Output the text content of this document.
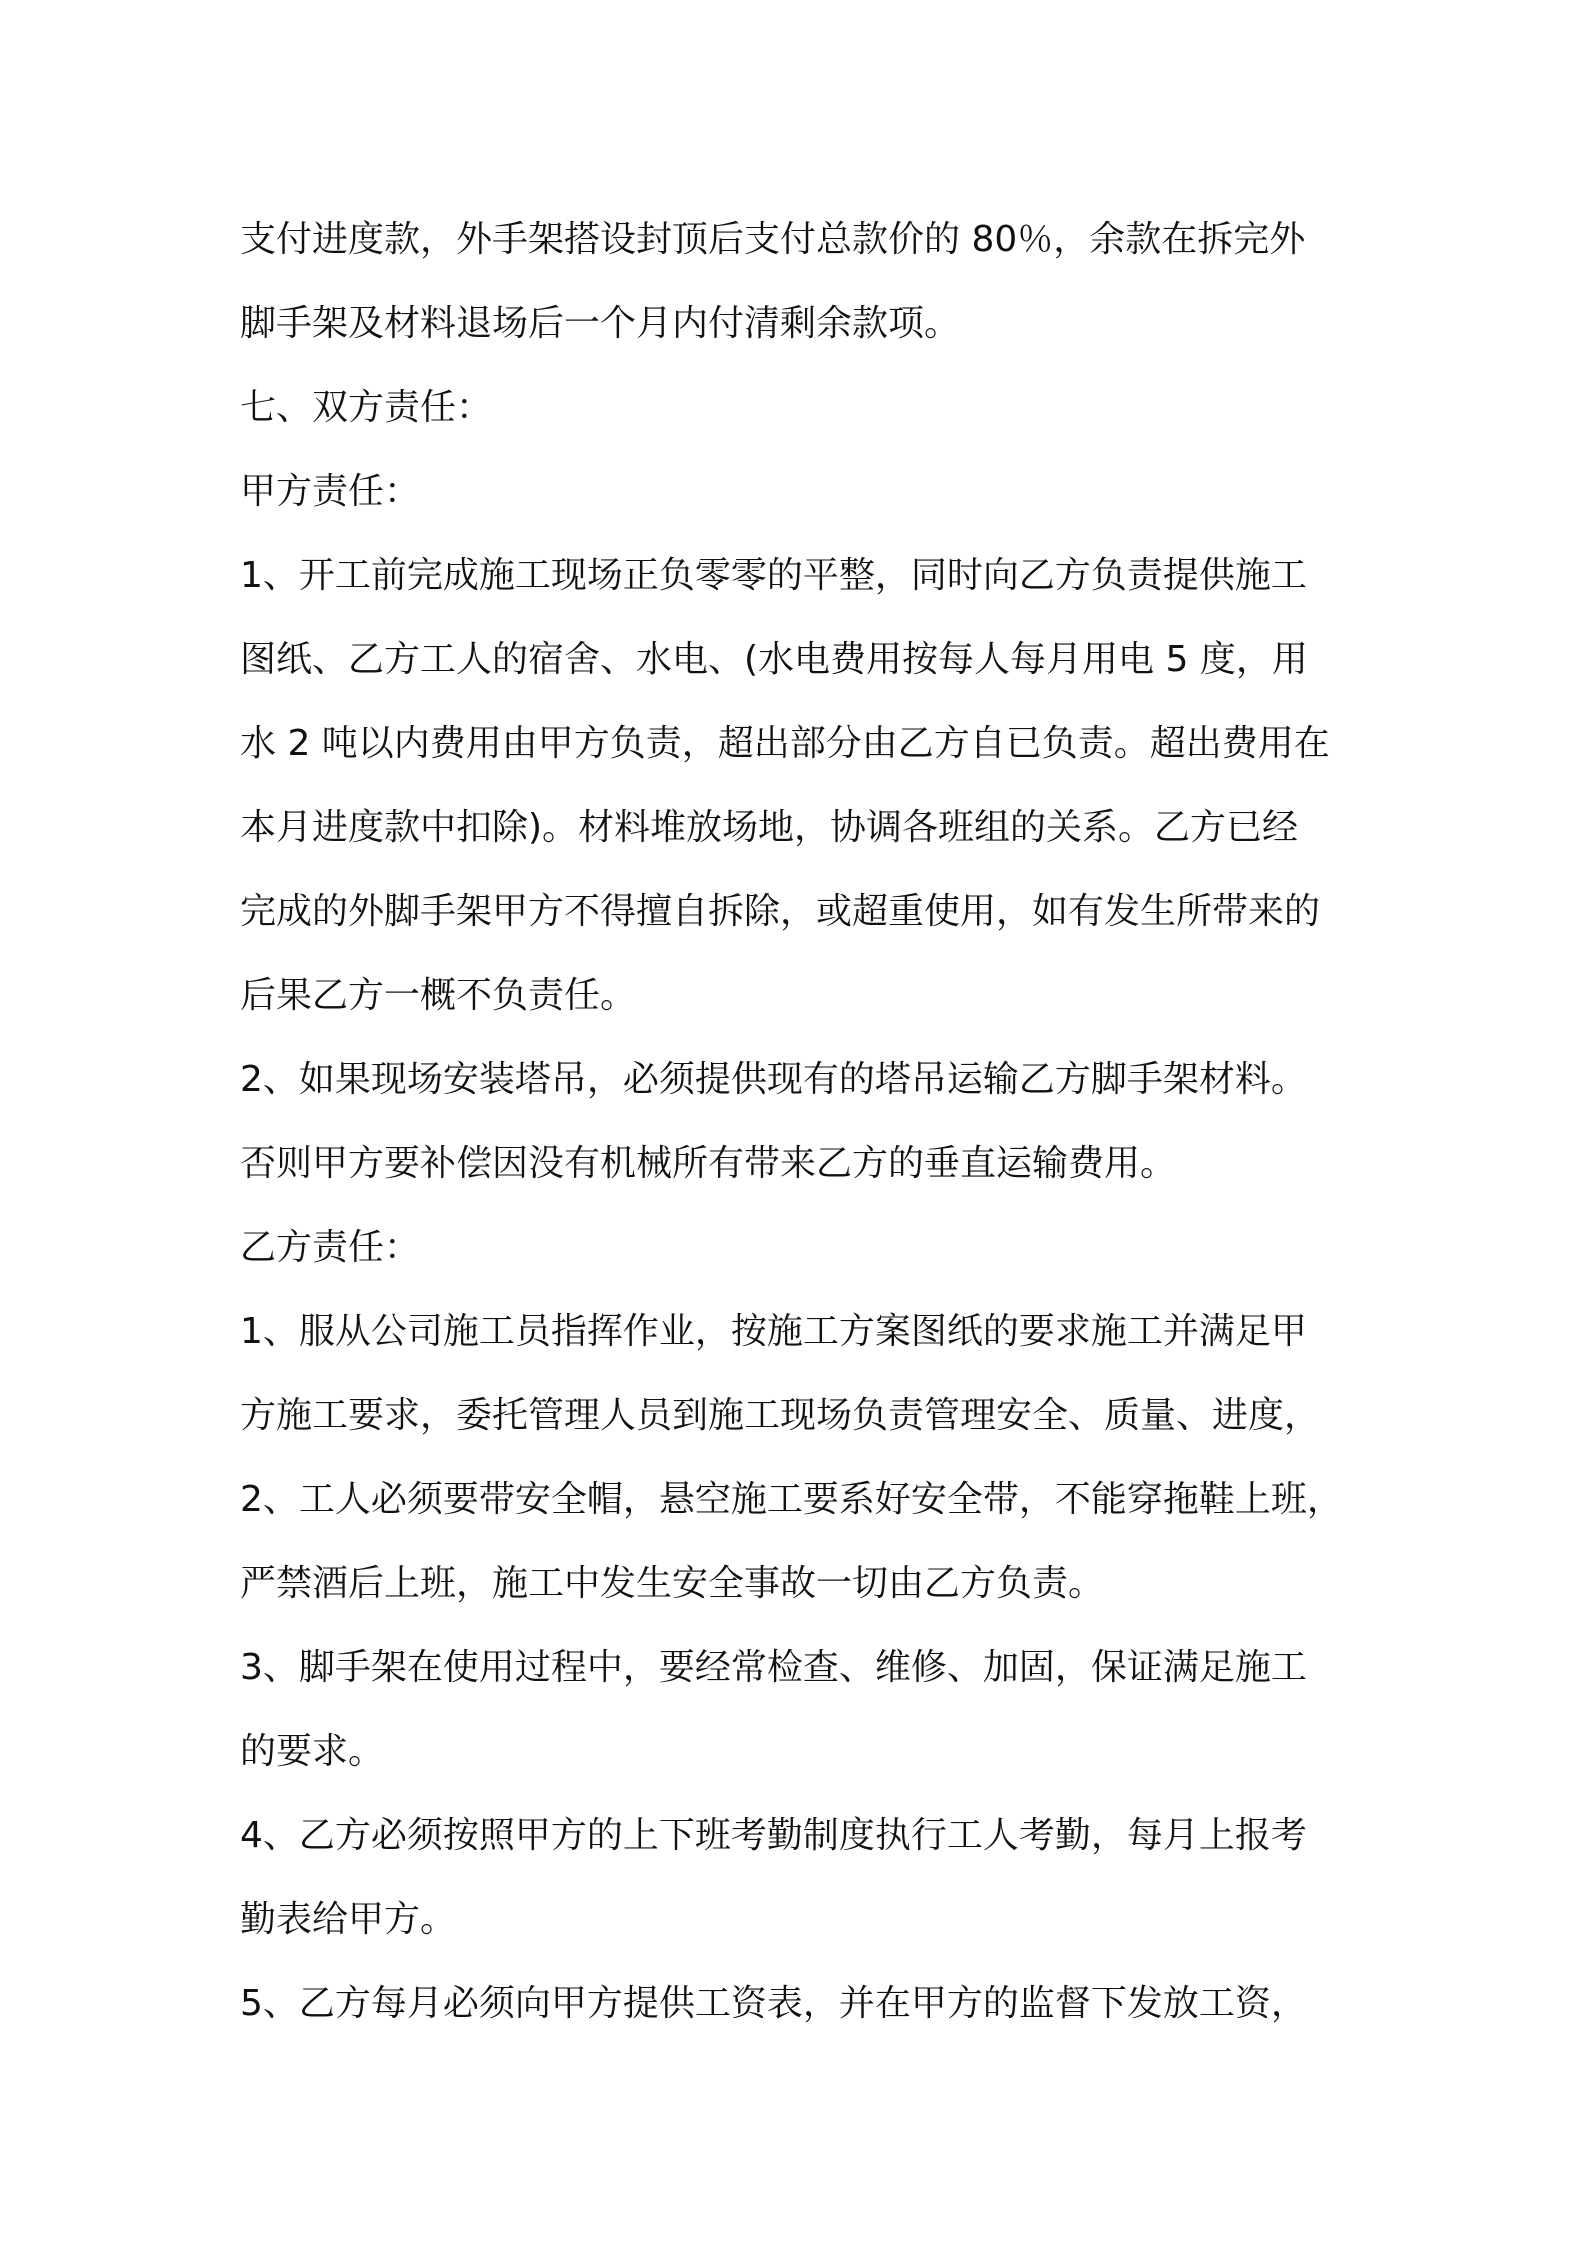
支付进度款，外手架搭设封顶后支付总款价的 80％，余款在拆完外
脚手架及材料退场后一个月内付清剩余款项。
七、双方责任：
甲方责任：
1、开工前完成施工现场正负零零的平整，同时向乙方负责提供施工
图纸、乙方工人的宿舍、水电、(水电费用按每人每月用电 5 度，用
水 2 吨以内费用由甲方负责，超出部分由乙方自已负责。超出费用在
本月进度款中扣除)。材料堆放场地，协调各班组的关系。乙方已经
完成的外脚手架甲方不得擅自拆除，或超重使用，如有发生所带来的
后果乙方一概不负责任。
2、如果现场安装塔吊，必须提供现有的塔吊运输乙方脚手架材料。
否则甲方要补偿因没有机械所有带来乙方的垂直运输费用。
乙方责任：
1、服从公司施工员指挥作业，按施工方案图纸的要求施工并满足甲
方施工要求，委托管理人员到施工现场负责管理安全、质量、进度，
2、工人必须要带安全帽，悬空施工要系好安全带，不能穿拖鞋上班，
严禁酒后上班，施工中发生安全事故一切由乙方负责。
3、脚手架在使用过程中，要经常检查、维修、加固，保证满足施工
的要求。
4、乙方必须按照甲方的上下班考勤制度执行工人考勤，每月上报考
勤表给甲方。
5、乙方每月必须向甲方提供工资表，并在甲方的监督下发放工资，
